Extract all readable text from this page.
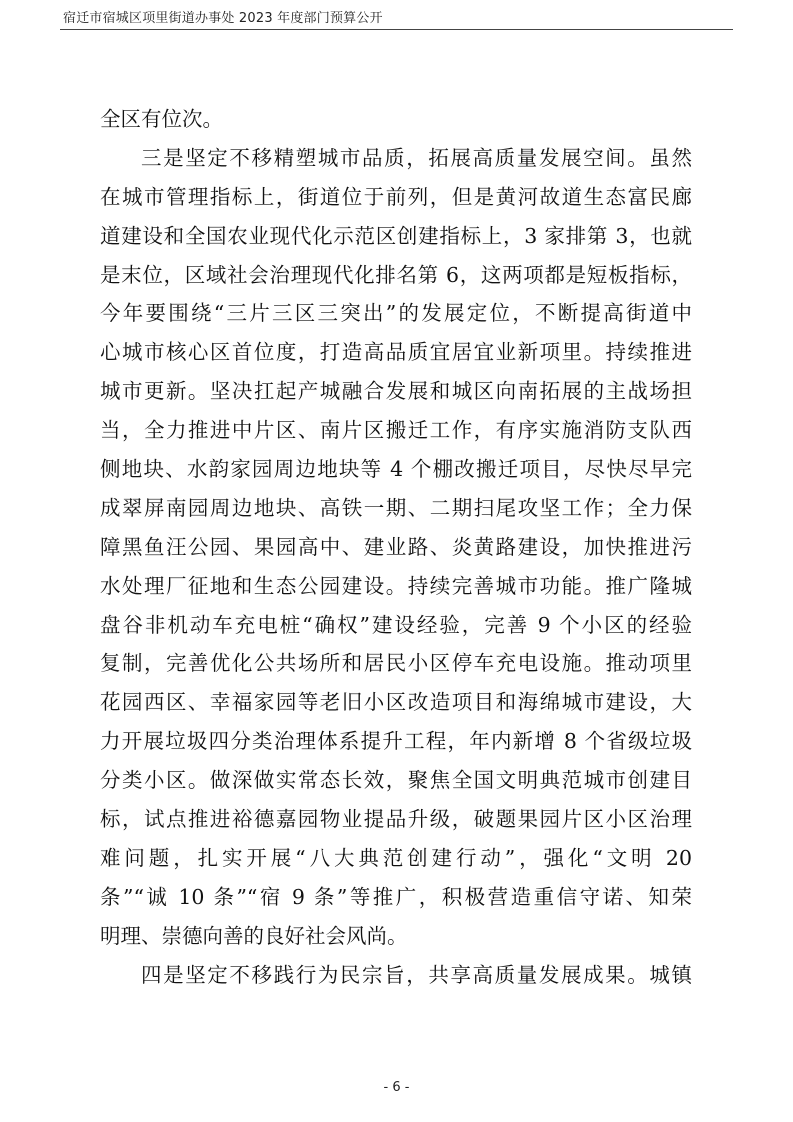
宿迁市宿城区项里街道办事处 2023 年度部门预算公开
全区有位次。
三是坚定不移精塑城市品质，拓展高质量发展空间。虽然
在城市管理指标上，街道位于前列，但是黄河故道生态富民廊
道建设和全国农业现代化示范区创建指标上，3 家排第 3，也就
是末位，区域社会治理现代化排名第 6，这两项都是短板指标，
今年要围绕“三片三区三突出”的发展定位，不断提高街道中
心城市核心区首位度，打造高品质宜居宜业新项里。持续推进
城市更新。坚决扛起产城融合发展和城区向南拓展的主战场担
当，全力推进中片区、南片区搬迁工作，有序实施消防支队西
侧地块、水韵家园周边地块等 4 个棚改搬迁项目，尽快尽早完
成翠屏南园周边地块、高铁一期、二期扫尾攻坚工作；全力保
障黑鱼汪公园、果园高中、建业路、炎黄路建设，加快推进污
水处理厂征地和生态公园建设。持续完善城市功能。推广隆城
盘谷非机动车充电桩“确权”建设经验，完善 9 个小区的经验
复制，完善优化公共场所和居民小区停车充电设施。推动项里
花园西区、幸福家园等老旧小区改造项目和海绵城市建设，大
力开展垃圾四分类治理体系提升工程，年内新增 8 个省级垃圾
分类小区。做深做实常态长效，聚焦全国文明典范城市创建目
标，试点推进裕德嘉园物业提品升级，破题果园片区小区治理
难问题，扎实开展“八大典范创建行动”，强化“文明 20
条”“诚 10 条”“宿 9 条”等推广，积极营造重信守诺、知荣
明理、崇德向善的良好社会风尚。
四是坚定不移践行为民宗旨，共享高质量发展成果。城镇
- 6 -
